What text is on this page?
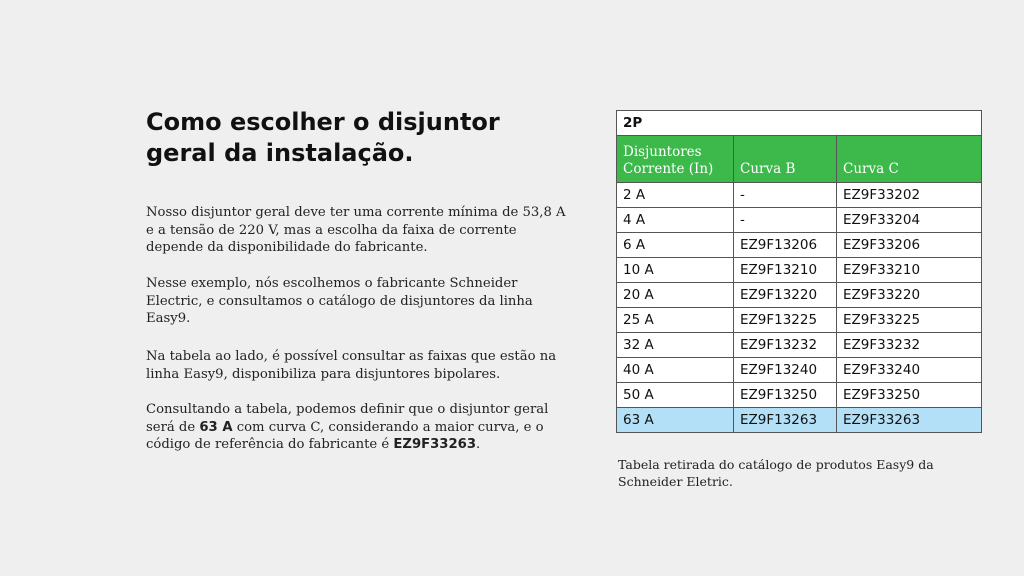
Como escolher o disjuntor geral da instalação.

Nosso disjuntor geral deve ter uma corrente mínima de 53,8 A e a tensão de 220 V, mas a escolha da faixa de corrente depende da disponibilidade do fabricante.

Nesse exemplo, nós escolhemos o fabricante Schneider Electric, e consultamos o catálogo de disjuntores da linha Easy9.

Na tabela ao lado, é possível consultar as faixas que estão na linha Easy9, disponibiliza para disjuntores bipolares.

Consultando a tabela, podemos definir que o disjuntor geral será de 63 A com curva C, considerando a maior curva, e o código de referência do fabricante é EZ9F33263.

2P		
Disjuntores Corrente (In)	Curva B	Curva C
2 A	-	EZ9F33202
4 A	-	EZ9F33204
6 A	EZ9F13206	EZ9F33206
10 A	EZ9F13210	EZ9F33210
20 A	EZ9F13220	EZ9F33220
25 A	EZ9F13225	EZ9F33225
32 A	EZ9F13232	EZ9F33232
40 A	EZ9F13240	EZ9F33240
50 A	EZ9F13250	EZ9F33250
63 A	EZ9F13263	EZ9F33263
Tabela retirada do catálogo de produtos Easy9 da Schneider Eletric.
